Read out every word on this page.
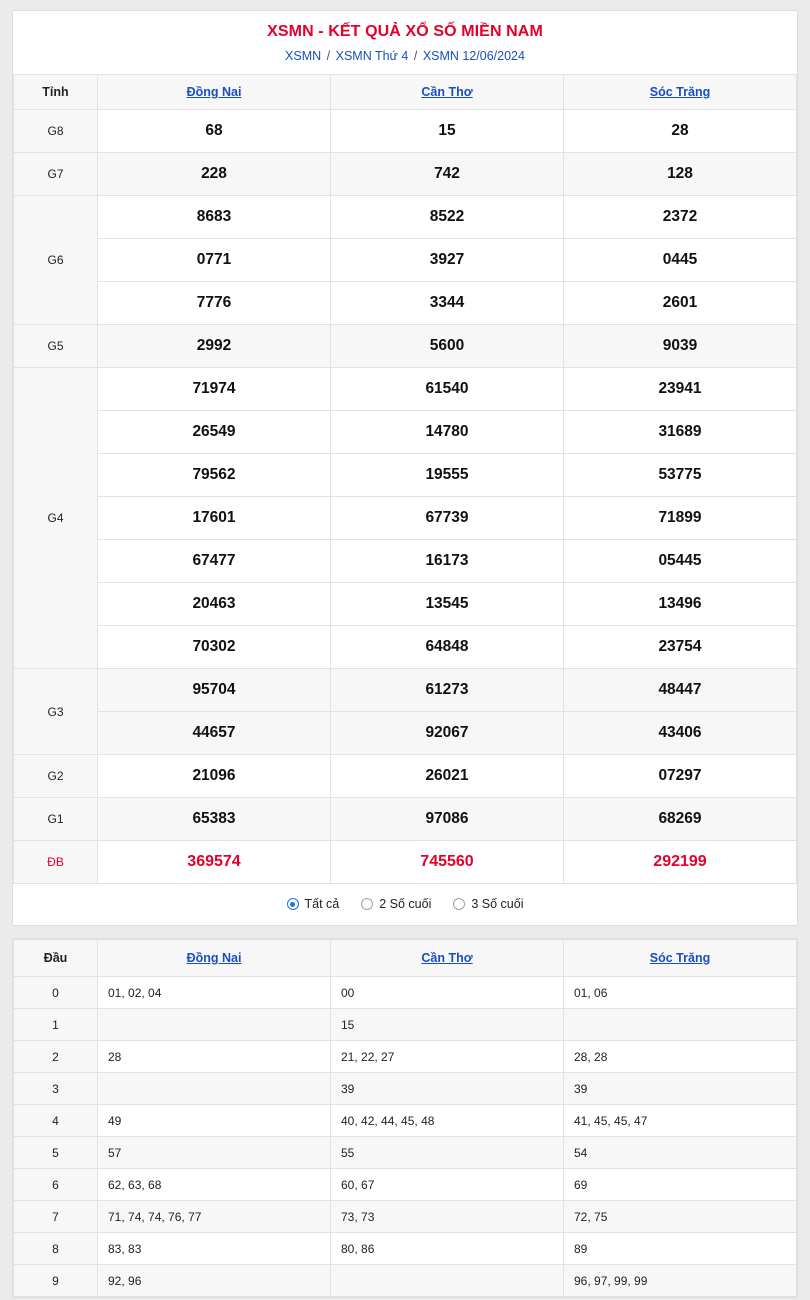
XSMN - KẾT QUẢ XỔ SỐ MIỀN NAM
XSMN / XSMN Thứ 4 / XSMN 12/06/2024
Tỉnh	Đồng Nai	Cần Thơ	Sóc Trăng
G8	68	15	28
G7	228	742	128
G6	8683	8522	2372
	0771	3927	0445
	7776	3344	2601
G5	2992	5600	9039
G4	71974	61540	23941
	26549	14780	31689
	79562	19555	53775
	17601	67739	71899
	67477	16173	05445
	20463	13545	13496
	70302	64848	23754
G3	95704	61273	48447
	44657	92067	43406
G2	21096	26021	07297
G1	65383	97086	68269
ĐB	369574	745560	292199
Tất cả	2 Số cuối	3 Số cuối
Đầu	Đồng Nai	Cần Thơ	Sóc Trăng
0	01, 02, 04	00	01, 06
1		15	
2	28	21, 22, 27	28, 28
3		39	39
4	49	40, 42, 44, 45, 48	41, 45, 45, 47
5	57	55	54
6	62, 63, 68	60, 67	69
7	71, 74, 74, 76, 77	73, 73	72, 75
8	83, 83	80, 86	89
9	92, 96		96, 97, 99, 99
